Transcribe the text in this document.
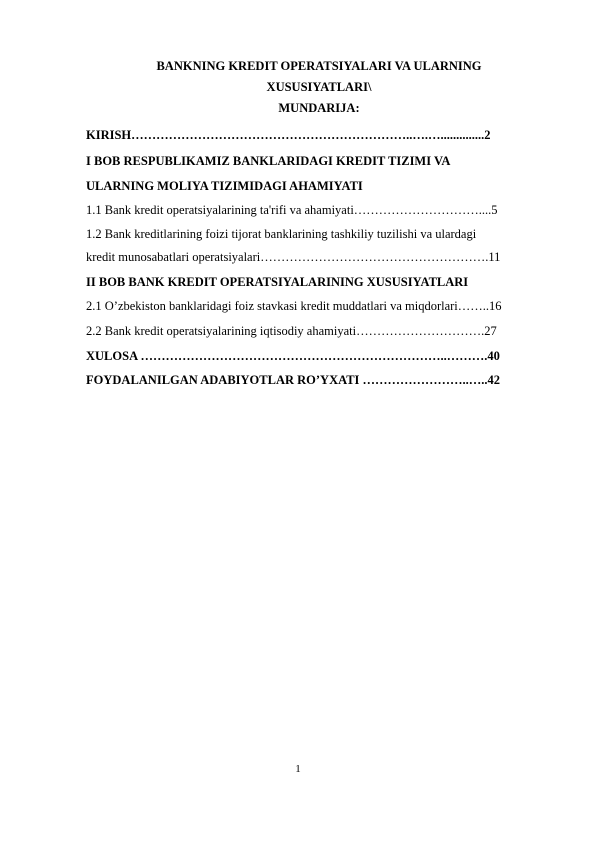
BANKNING KREDIT OPERATSIYALARI VA ULARNING
XUSUSIYATLARI\
MUNDARIJA:
KIRISH…………………………………………………………..….…..............2
I BOB RESPUBLIKAMIZ BANKLARIDAGI KREDIT TIZIMI VA
ULARNING MOLIYA TIZIMIDAGI AHAMIYATI
1.1 Bank kredit operatsiyalarining ta'rifi va ahamiyati…………………………....5
1.2 Bank kreditlarining foizi tijorat banklarining tashkiliy tuzilishi va ulardagi
kredit munosabatlari operatsiyalari……………………………………………….11
II BOB BANK KREDIT OPERATSIYALARINING XUSUSIYATLARI
2.1 O’zbekiston banklaridagi foiz stavkasi kredit muddatlari va miqdorlari……..16
2.2 Bank kredit operatsiyalarining iqtisodiy ahamiyati………………………….27
XULOSA ………………………………………………………………..……….40
FOYDALANILGAN ADABIYOTLAR RO’YXATI ……………………..…..42
1
